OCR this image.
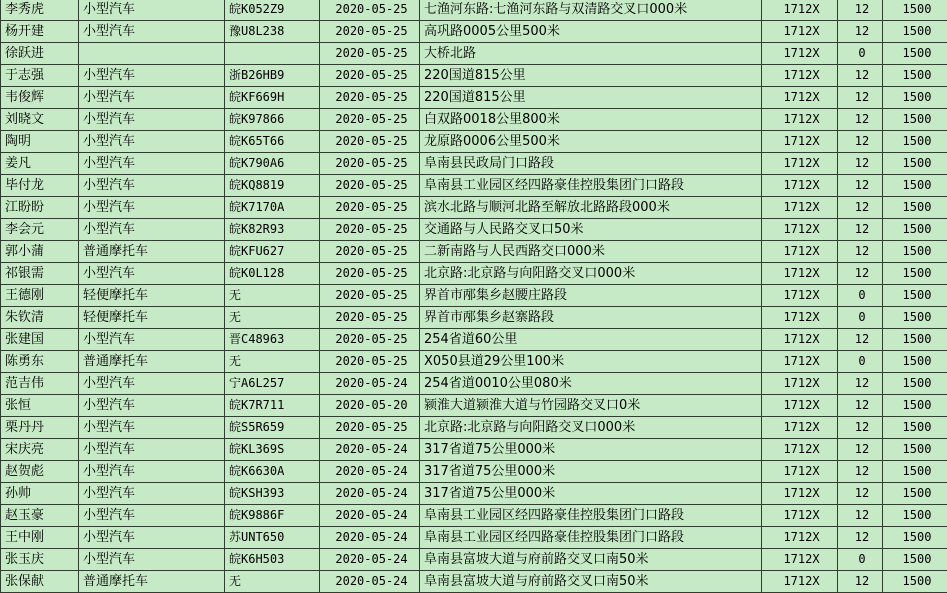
李秀虎	小型汽车	皖K052Z9	2020-05-25	七渔河东路:七渔河东路与双清路交叉口000米	1712X	12	1500
杨开建	小型汽车	豫U8L238	2020-05-25	高巩路0005公里500米	1712X	12	1500
徐跃进			2020-05-25	大桥北路	1712X	0	1500
于志强	小型汽车	浙B26HB9	2020-05-25	220国道815公里	1712X	12	1500
韦俊辉	小型汽车	皖KF669H	2020-05-25	220国道815公里	1712X	12	1500
刘晓文	小型汽车	皖K97866	2020-05-25	白双路0018公里800米	1712X	12	1500
陶明	小型汽车	皖K65T66	2020-05-25	龙原路0006公里500米	1712X	12	1500
姜凡	小型汽车	皖K790A6	2020-05-25	阜南县民政局门口路段	1712X	12	1500
毕付龙	小型汽车	皖KQ8819	2020-05-25	阜南县工业园区经四路豪佳控股集团门口路段	1712X	12	1500
江盼盼	小型汽车	皖K7170A	2020-05-25	滨水北路与顺河北路至解放北路路段000米	1712X	12	1500
李会元	小型汽车	皖K82R93	2020-05-25	交通路与人民路交叉口50米	1712X	12	1500
郭小蒲	普通摩托车	皖KFU627	2020-05-25	二新南路与人民西路交口000米	1712X	12	1500
祁银需	小型汽车	皖K0L128	2020-05-25	北京路:北京路与向阳路交叉口000米	1712X	12	1500
王德刚	轻便摩托车	无	2020-05-25	界首市邴集乡赵腰庄路段	1712X	0	1500
朱钦清	轻便摩托车	无	2020-05-25	界首市邴集乡赵寨路段	1712X	0	1500
张建国	小型汽车	晋C48963	2020-05-25	254省道60公里	1712X	12	1500
陈勇东	普通摩托车	无	2020-05-25	X050县道29公里100米	1712X	0	1500
范吉伟	小型汽车	宁A6L257	2020-05-24	254省道0010公里080米	1712X	12	1500
张恒	小型汽车	皖K7R711	2020-05-20	颍淮大道颍淮大道与竹园路交叉口0米	1712X	12	1500
栗丹丹	小型汽车	皖S5R659	2020-05-25	北京路:北京路与向阳路交叉口000米	1712X	12	1500
宋庆亮	小型汽车	皖KL369S	2020-05-24	317省道75公里000米	1712X	12	1500
赵贺彪	小型汽车	皖K6630A	2020-05-24	317省道75公里000米	1712X	12	1500
孙帅	小型汽车	皖KSH393	2020-05-24	317省道75公里000米	1712X	12	1500
赵玉豪	小型汽车	皖K9886F	2020-05-24	阜南县工业园区经四路豪佳控股集团门口路段	1712X	12	1500
王中刚	小型汽车	苏UNT650	2020-05-24	阜南县工业园区经四路豪佳控股集团门口路段	1712X	12	1500
张玉庆	小型汽车	皖K6H503	2020-05-24	阜南县富坡大道与府前路交叉口南50米	1712X	0	1500
张保献	普通摩托车	无	2020-05-24	阜南县富坡大道与府前路交叉口南50米	1712X	12	1500
